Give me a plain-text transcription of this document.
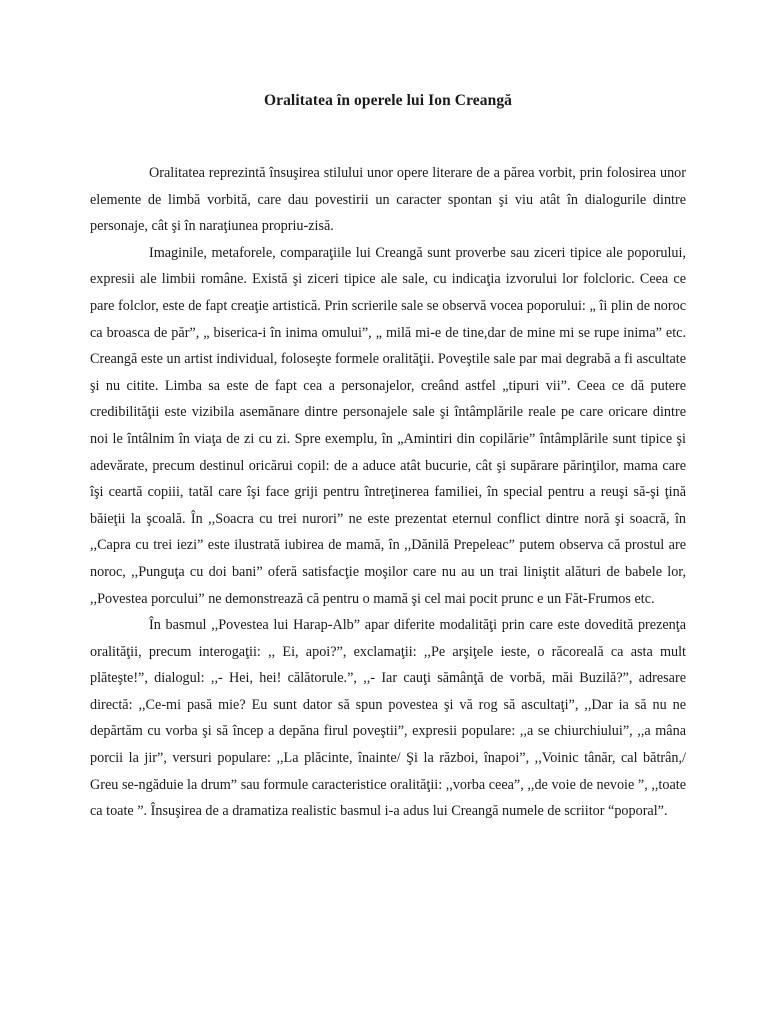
Oralitatea în operele lui Ion Creangă

Oralitatea reprezintă însuşirea stilului unor opere literare de a părea vorbit, prin folosirea unor elemente de limbă vorbită, care dau povestirii un caracter spontan şi viu atât în dialogurile dintre personaje, cât şi în naraţiunea propriu-zisă.

Imaginile, metaforele, comparaţiile lui Creangă sunt proverbe sau ziceri tipice ale poporului, expresii ale limbii române. Există şi ziceri tipice ale sale, cu indicaţia izvorului lor folcloric. Ceea ce pare folclor, este de fapt creaţie artistică. Prin scrierile sale se observă vocea poporului: „ îi plin de noroc ca broasca de păr”, „ biserica-i în inima omului”, „ milă mi-e de tine,dar de mine mi se rupe inima” etc. Creangă este un artist individual, foloseşte formele oralităţii. Poveştile sale par mai degrabă a fi ascultate şi nu citite. Limba sa este de fapt cea a personajelor, creând astfel „tipuri vii”. Ceea ce dă putere credibilităţii este vizibila asemănare dintre personajele sale şi întâmplările reale pe care oricare dintre noi le întâlnim în viaţa de zi cu zi. Spre exemplu, în „Amintiri din copilărie” întâmplările sunt tipice şi adevărate, precum destinul oricărui copil: de a aduce atât bucurie, cât şi supărare părinţilor, mama care îşi ceartă copiii, tatăl care îşi face griji pentru întreţinerea familiei, în special pentru a reuşi să-şi ţină băieţii la şcoală. În ,,Soacra cu trei nurori” ne este prezentat eternul conflict dintre noră şi soacră, în ,,Capra cu trei iezi” este ilustrată iubirea de mamă, în ,,Dănilă Prepeleac” putem observa că prostul are noroc, ,,Punguţa cu doi bani” oferă satisfacţie moşilor care nu au un trai liniştit alături de babele lor, ,,Povestea porcului” ne demonstrează că pentru o mamă şi cel mai pocit prunc e un Făt-Frumos etc.

În basmul ,,Povestea lui Harap-Alb” apar diferite modalităţi prin care este dovedită prezenţa oralităţii, precum interogaţii: ,, Ei, apoi?”, exclamaţii: ,,Pe arşiţele ieste, o răcoreală ca asta mult plăteşte!”, dialogul: ,,- Hei, hei! călătorule.”, ,,- Iar cauţi sămânţă de vorbă, măi Buzilă?”, adresare directă: ,,Ce-mi pasă mie? Eu sunt dator să spun povestea şi vă rog să ascultaţi”, ,,Dar ia să nu ne depărtăm cu vorba şi să încep a depăna firul poveştii”, expresii populare: ,,a se chiurchiului”, ,,a mâna porcii la jir”, versuri populare: ,,La plăcinte, înainte/ Şi la război, înapoi”, ,,Voinic tânăr, cal bătrân,/ Greu se-ngăduie la drum” sau formule caracteristice oralităţii: ,,vorba ceea”, ,,de voie de nevoie ”, ,,toate ca toate ”. Însuşirea de a dramatiza realistic basmul i-a adus lui Creangă numele de scriitor “poporal”.
